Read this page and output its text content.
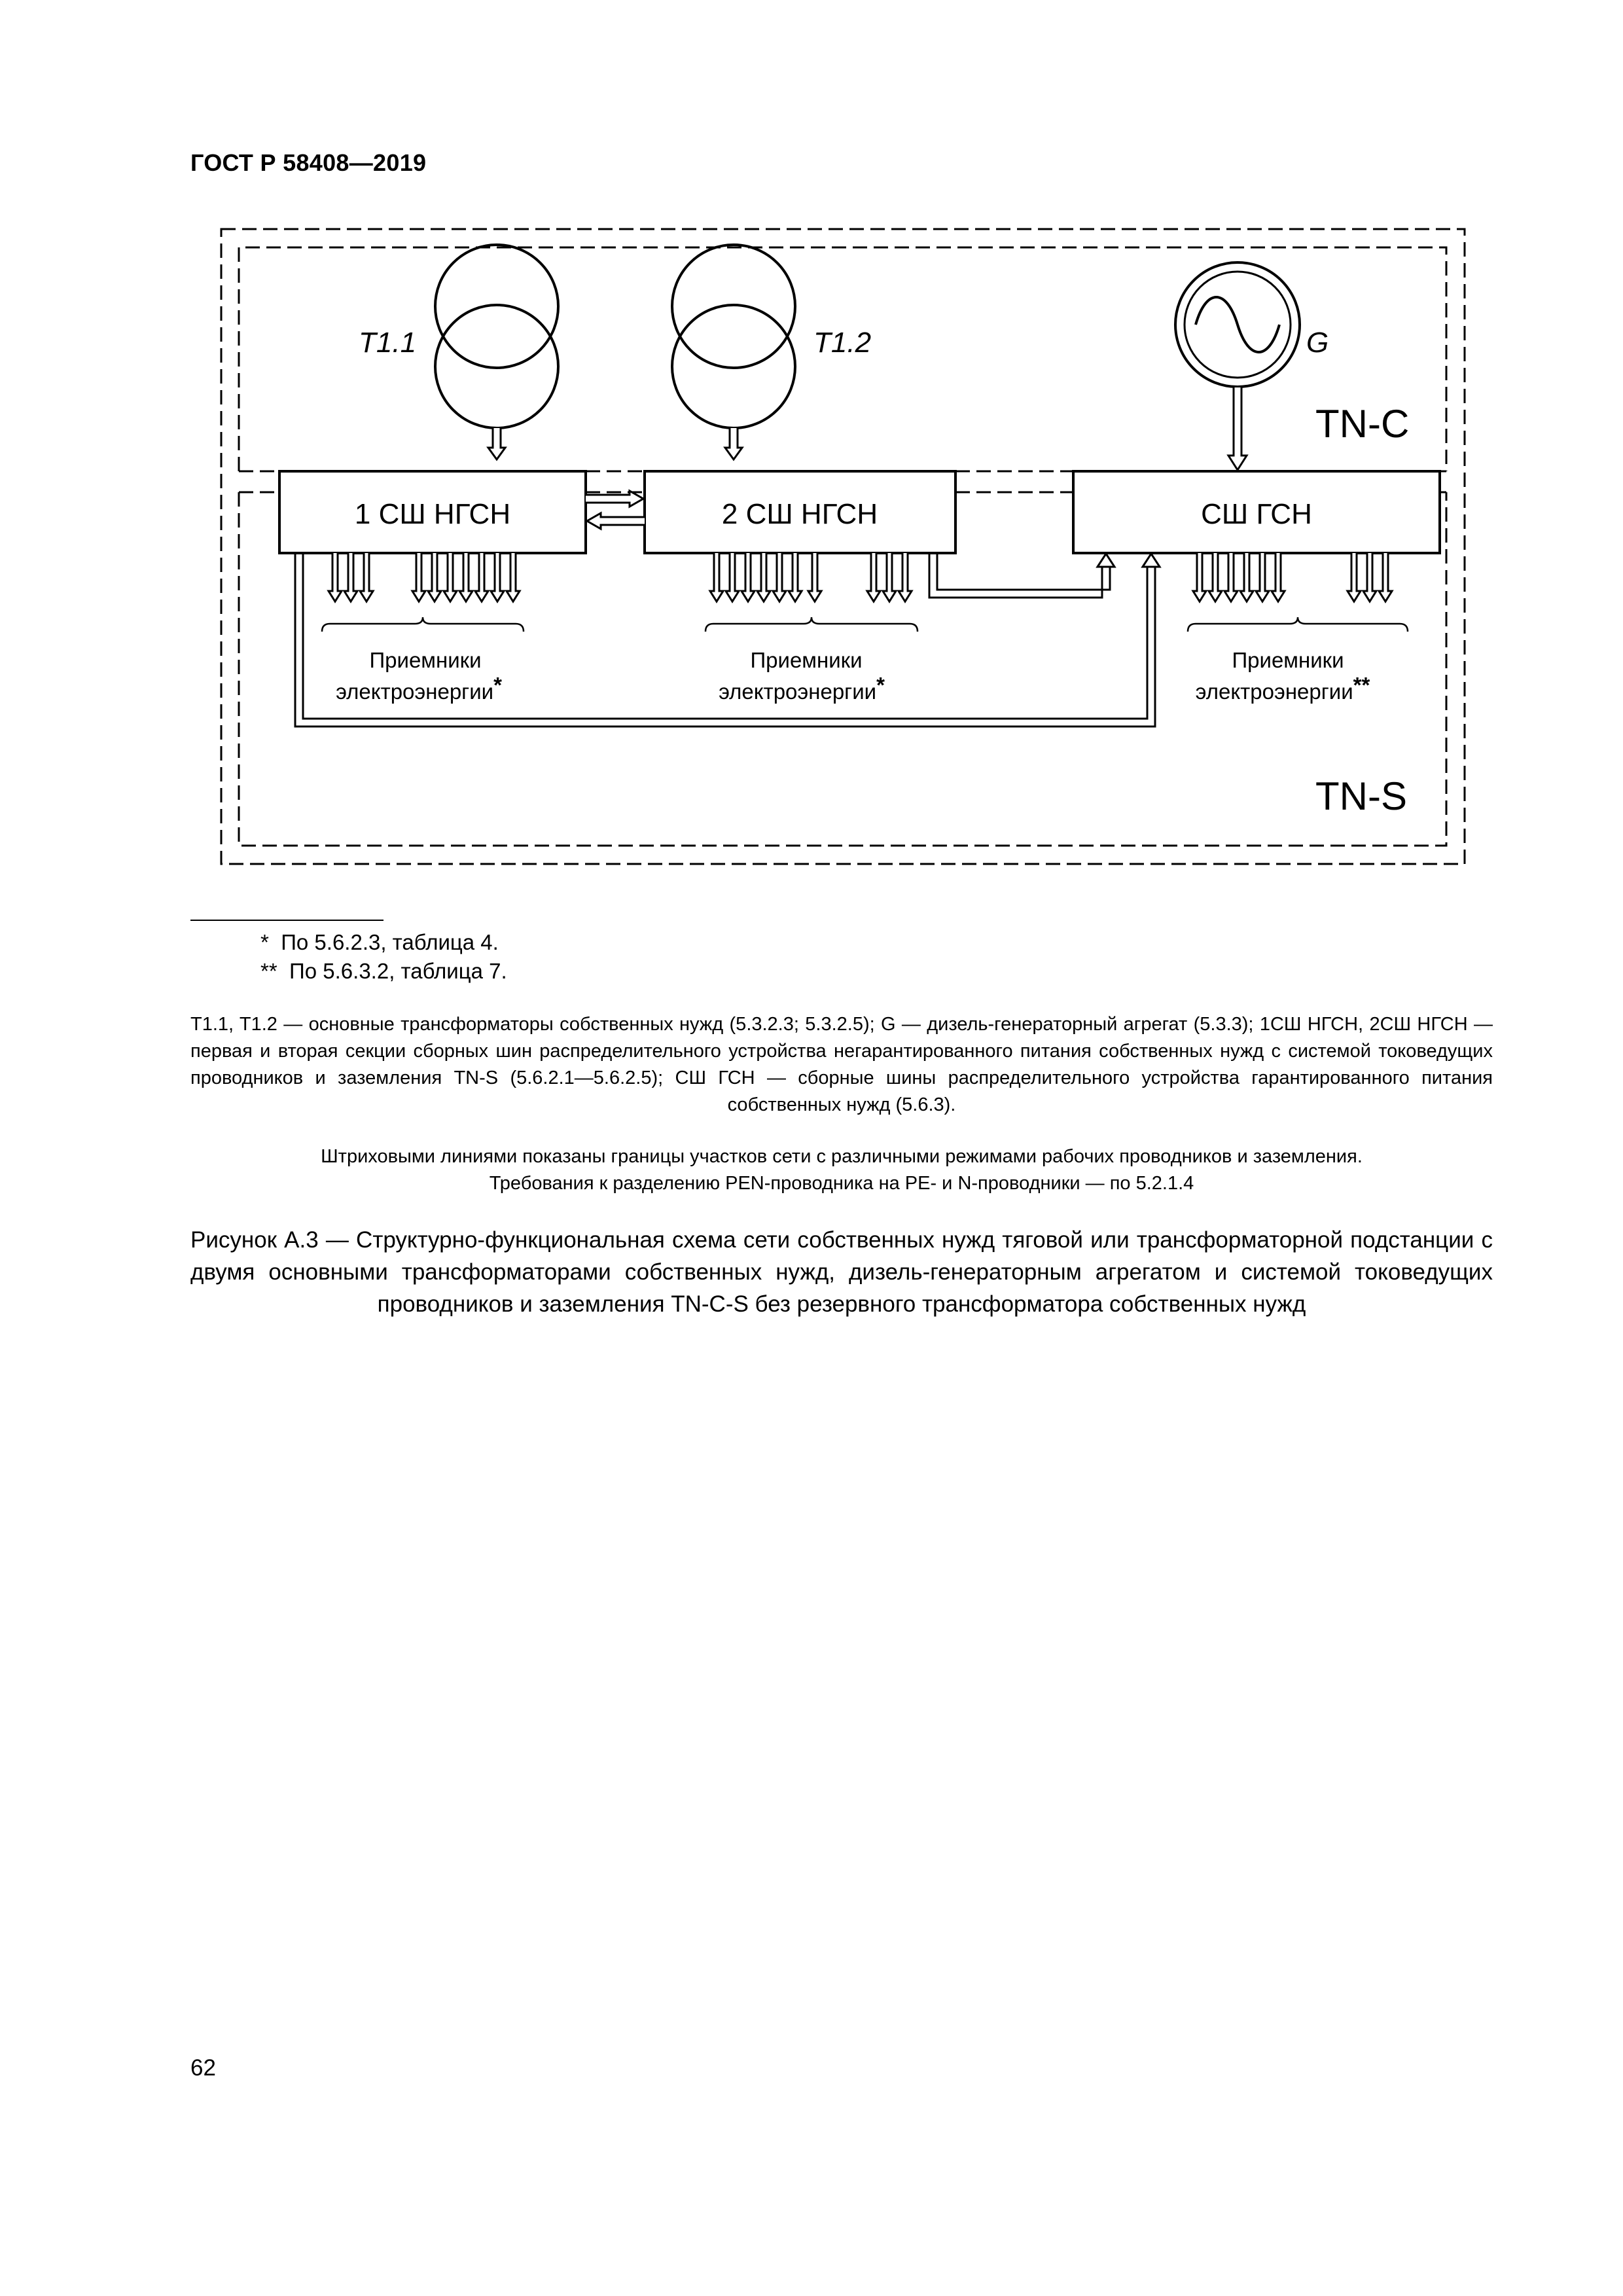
ГОСТ Р 58408—2019
T1.1	T1.2	G
TN-C
TN-S
1 СШ НГСН	2 СШ НГСН	СШ ГСН
Приемники
электроэнергии*
Приемники
электроэнергии*
Приемники
электроэнергии**
* По 5.6.2.3, таблица 4.
** По 5.6.3.2, таблица 7.
T1.1, T1.2 — основные трансформаторы собственных нужд (5.3.2.3; 5.3.2.5); G — дизель-генераторный агрегат (5.3.3); 1СШ НГСН, 2СШ НГСН — первая и вторая секции сборных шин распределительного устройства негарантированного питания собственных нужд с системой токоведущих проводников и заземления TN-S (5.6.2.1—5.6.2.5); СШ ГСН — сборные шины распределительного устройства гарантированного питания собственных нужд (5.6.3).
Штриховыми линиями показаны границы участков сети с различными режимами рабочих проводников и заземления.
Требования к разделению PEN-проводника на PE- и N-проводники — по 5.2.1.4
Рисунок А.3 — Структурно-функциональная схема сети собственных нужд тяговой или трансформаторной подстанции с двумя основными трансформаторами собственных нужд, дизель-генераторным агрегатом и системой токоведущих проводников и заземления TN-C-S без резервного трансформатора собственных нужд
62
